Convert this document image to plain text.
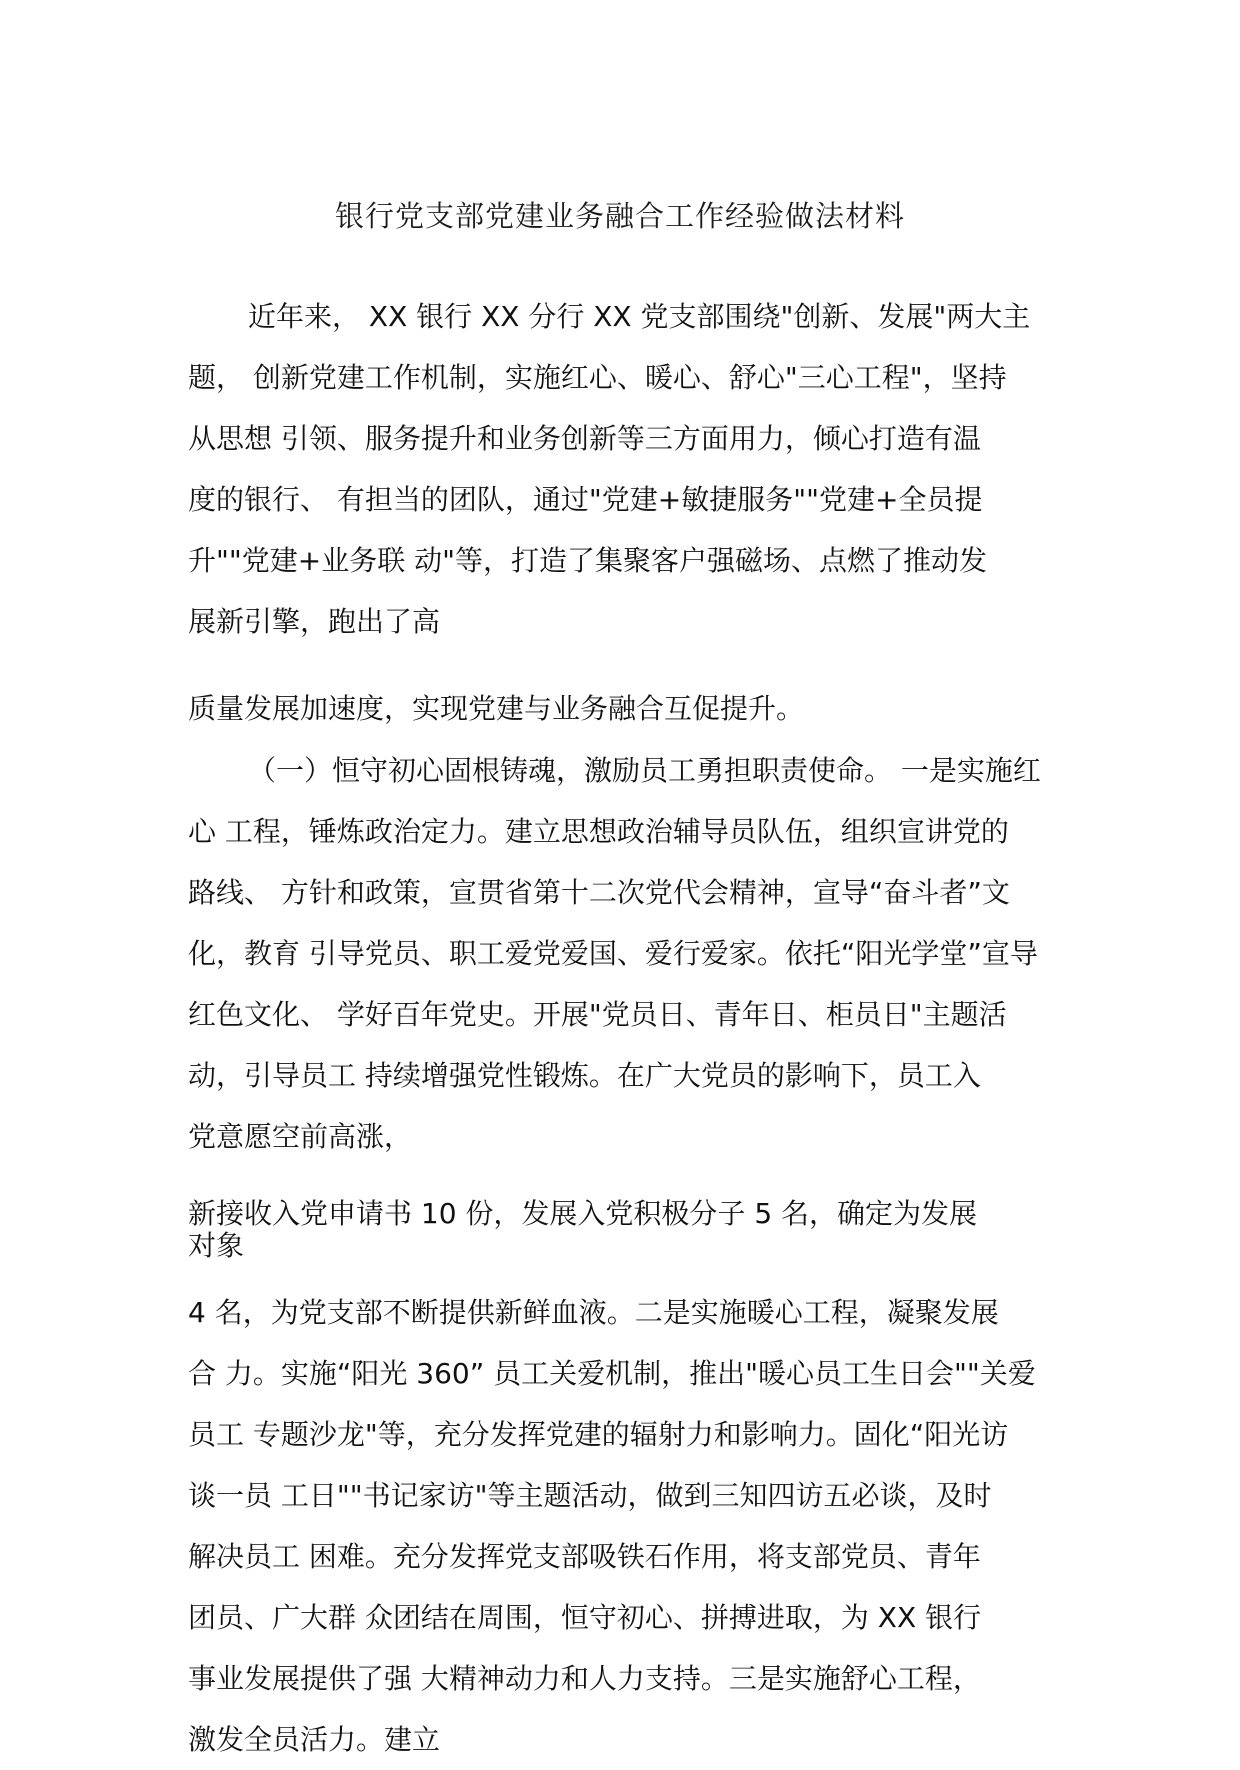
银行党支部党建业务融合工作经验做法材料
近年来， XX 银行 XX 分行 XX 党支部围绕"创新、发展"两大主
题， 创新党建工作机制，实施红心、暖心、舒心"三心工程"，坚持
从思想 引领、服务提升和业务创新等三方面用力，倾心打造有温
度的银行、 有担当的团队，通过"党建+敏捷服务""党建+全员提
升""党建+业务联 动"等，打造了集聚客户强磁场、点燃了推动发
展新引擎，跑出了高
质量发展加速度，实现党建与业务融合互促提升。
（一）恒守初心固根铸魂，激励员工勇担职责使命。 一是实施红
心 工程，锤炼政治定力。建立思想政治辅导员队伍，组织宣讲党的
路线、 方针和政策，宣贯省第十二次党代会精神，宣导“奋斗者”文
化，教育 引导党员、职工爱党爱国、爱行爱家。依托“阳光学堂”宣导
红色文化、 学好百年党史。开展"党员日、青年日、柜员日"主题活
动，引导员工 持续增强党性锻炼。在广大党员的影响下，员工入
党意愿空前高涨，
新接收入党申请书 10 份，发展入党积极分子 5 名，确定为发展
对象
4 名，为党支部不断提供新鲜血液。二是实施暖心工程，凝聚发展
合 力。实施“阳光 360” 员工关爱机制，推出"暖心员工生日会""关爱
员工 专题沙龙"等，充分发挥党建的辐射力和影响力。固化“阳光访
谈一员 工日""书记家访"等主题活动，做到三知四访五必谈，及时
解决员工 困难。充分发挥党支部吸铁石作用，将支部党员、青年
团员、广大群 众团结在周围，恒守初心、拼搏进取，为 XX 银行
事业发展提供了强 大精神动力和人力支持。三是实施舒心工程，
激发全员活力。建立
